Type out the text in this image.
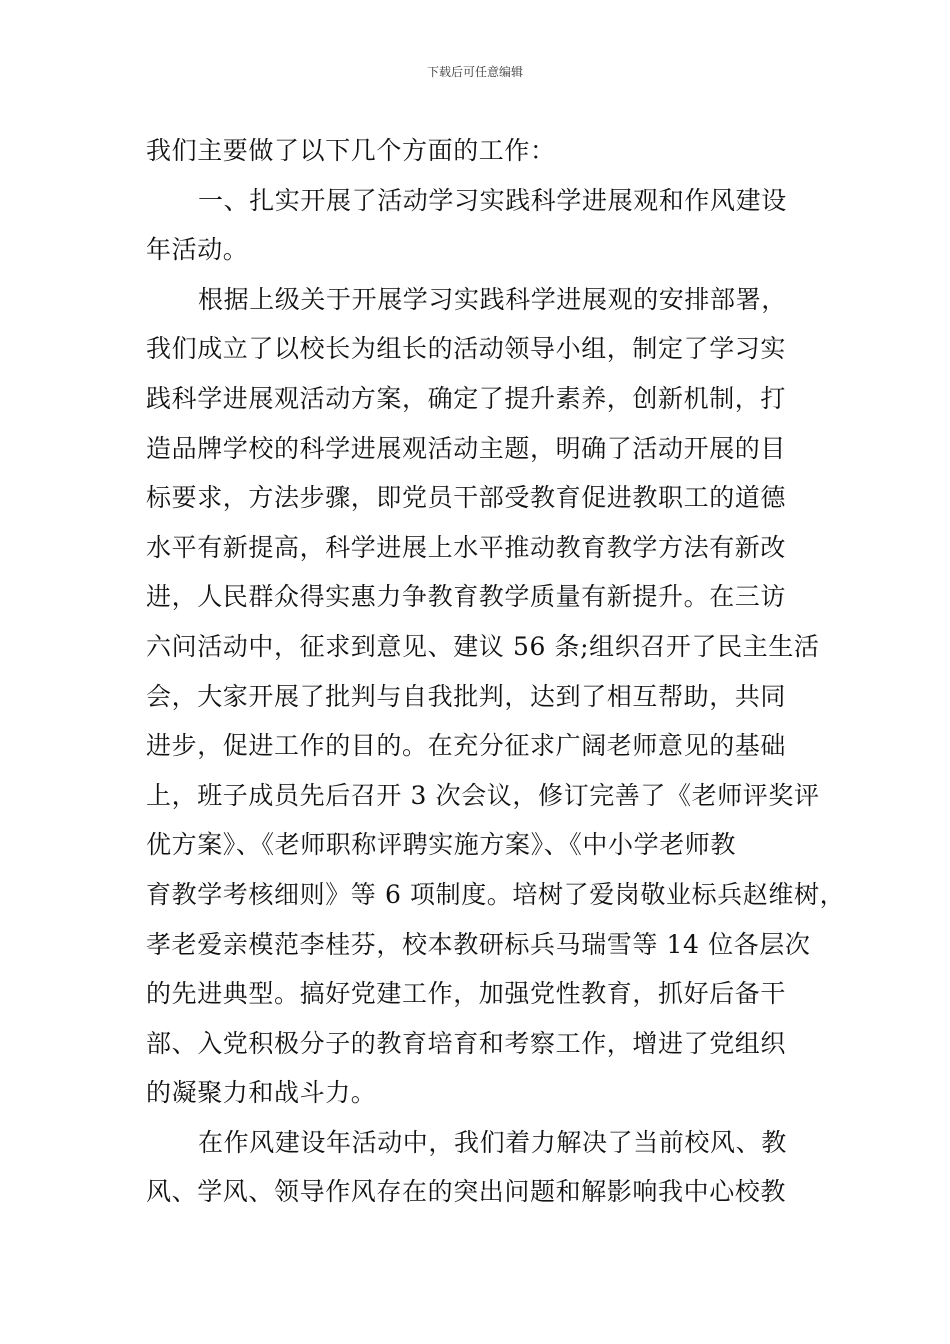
下载后可任意编辑
我们主要做了以下几个方面的工作：
一、扎实开展了活动学习实践科学进展观和作风建设
年活动。
根据上级关于开展学习实践科学进展观的安排部署，
我们成立了以校长为组长的活动领导小组，制定了学习实
践科学进展观活动方案，确定了提升素养，创新机制，打
造品牌学校的科学进展观活动主题，明确了活动开展的目
标要求，方法步骤，即党员干部受教育促进教职工的道德
水平有新提高，科学进展上水平推动教育教学方法有新改
进，人民群众得实惠力争教育教学质量有新提升。在三访
六问活动中，征求到意见、建议 56 条;组织召开了民主生活
会，大家开展了批判与自我批判，达到了相互帮助，共同
进步，促进工作的目的。在充分征求广阔老师意见的基础
上，班子成员先后召开 3 次会议，修订完善了《老师评奖评
优方案》、《老师职称评聘实施方案》、《中小学老师教
育教学考核细则》等 6 项制度。培树了爱岗敬业标兵赵维树，
孝老爱亲模范李桂芬，校本教研标兵马瑞雪等 14 位各层次
的先进典型。搞好党建工作，加强党性教育，抓好后备干
部、入党积极分子的教育培育和考察工作，增进了党组织
的凝聚力和战斗力。
在作风建设年活动中，我们着力解决了当前校风、教
风、学风、领导作风存在的突出问题和解影响我中心校教
